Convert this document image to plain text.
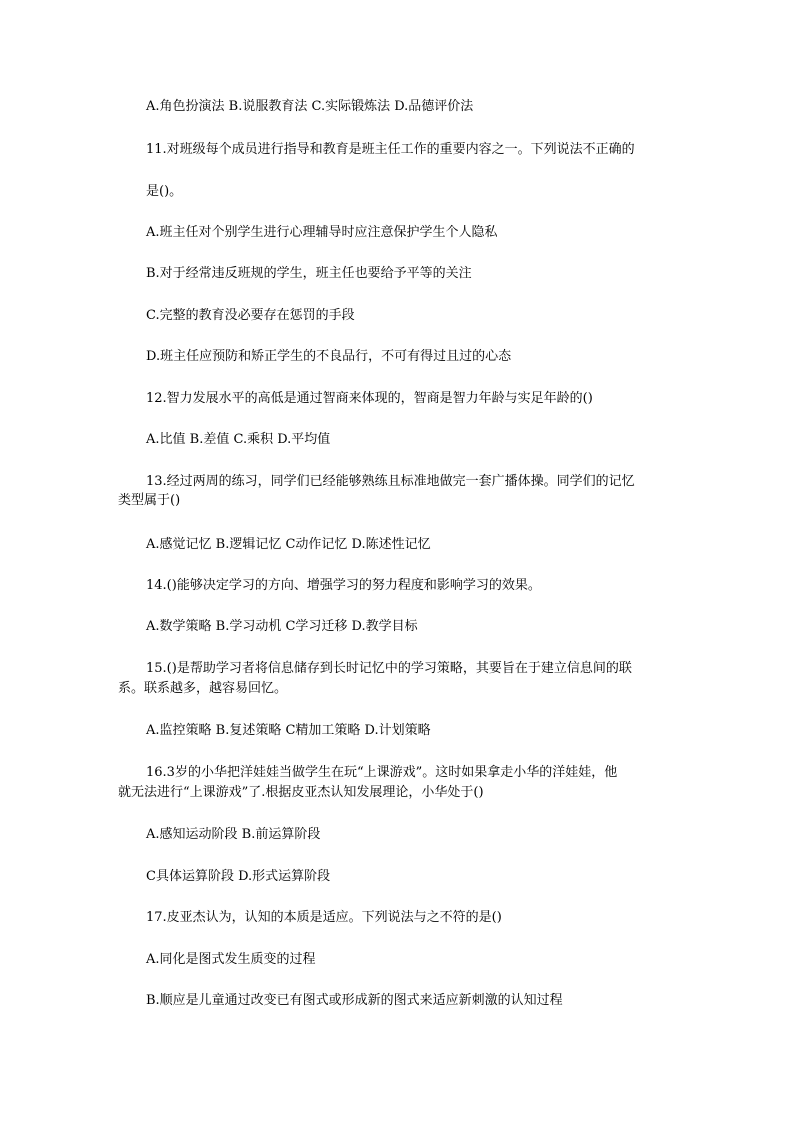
A.角色扮演法 B.说服教育法 C.实际锻炼法 D.品德评价法
11.对班级每个成员进行指导和教育是班主任工作的重要内容之一。下列说法不正确的
是()。
A.班主任对个别学生进行心理辅导时应注意保护学生个人隐私
B.对于经常违反班规的学生，班主任也要给予平等的关注
C.完整的教育没必要存在惩罚的手段
D.班主任应预防和矫正学生的不良品行，不可有得过且过的心态
12.智力发展水平的高低是通过智商来体现的，智商是智力年龄与实足年龄的()
A.比值 B.差值 C.乘积 D.平均值
13.经过两周的练习，同学们已经能够熟练且标准地做完一套广播体操。同学们的记忆
类型属于()
A.感觉记忆 B.逻辑记忆 C动作记忆 D.陈述性记忆
14.()能够决定学习的方向、增强学习的努力程度和影响学习的效果。
A.数学策略 B.学习动机 C学习迁移 D.教学目标
15.()是帮助学习者将信息储存到长时记忆中的学习策略，其要旨在于建立信息间的联
系。联系越多，越容易回忆。
A.监控策略 B.复述策略 C精加工策略 D.计划策略
16.3岁的小华把洋娃娃当做学生在玩“上课游戏”。这时如果拿走小华的洋娃娃，他
就无法进行“上课游戏”了.根据皮亚杰认知发展理论，小华处于()
A.感知运动阶段 B.前运算阶段
C具体运算阶段 D.形式运算阶段
17.皮亚杰认为，认知的本质是适应。下列说法与之不符的是()
A.同化是图式发生质变的过程
B.顺应是儿童通过改变已有图式或形成新的图式来适应新刺激的认知过程
